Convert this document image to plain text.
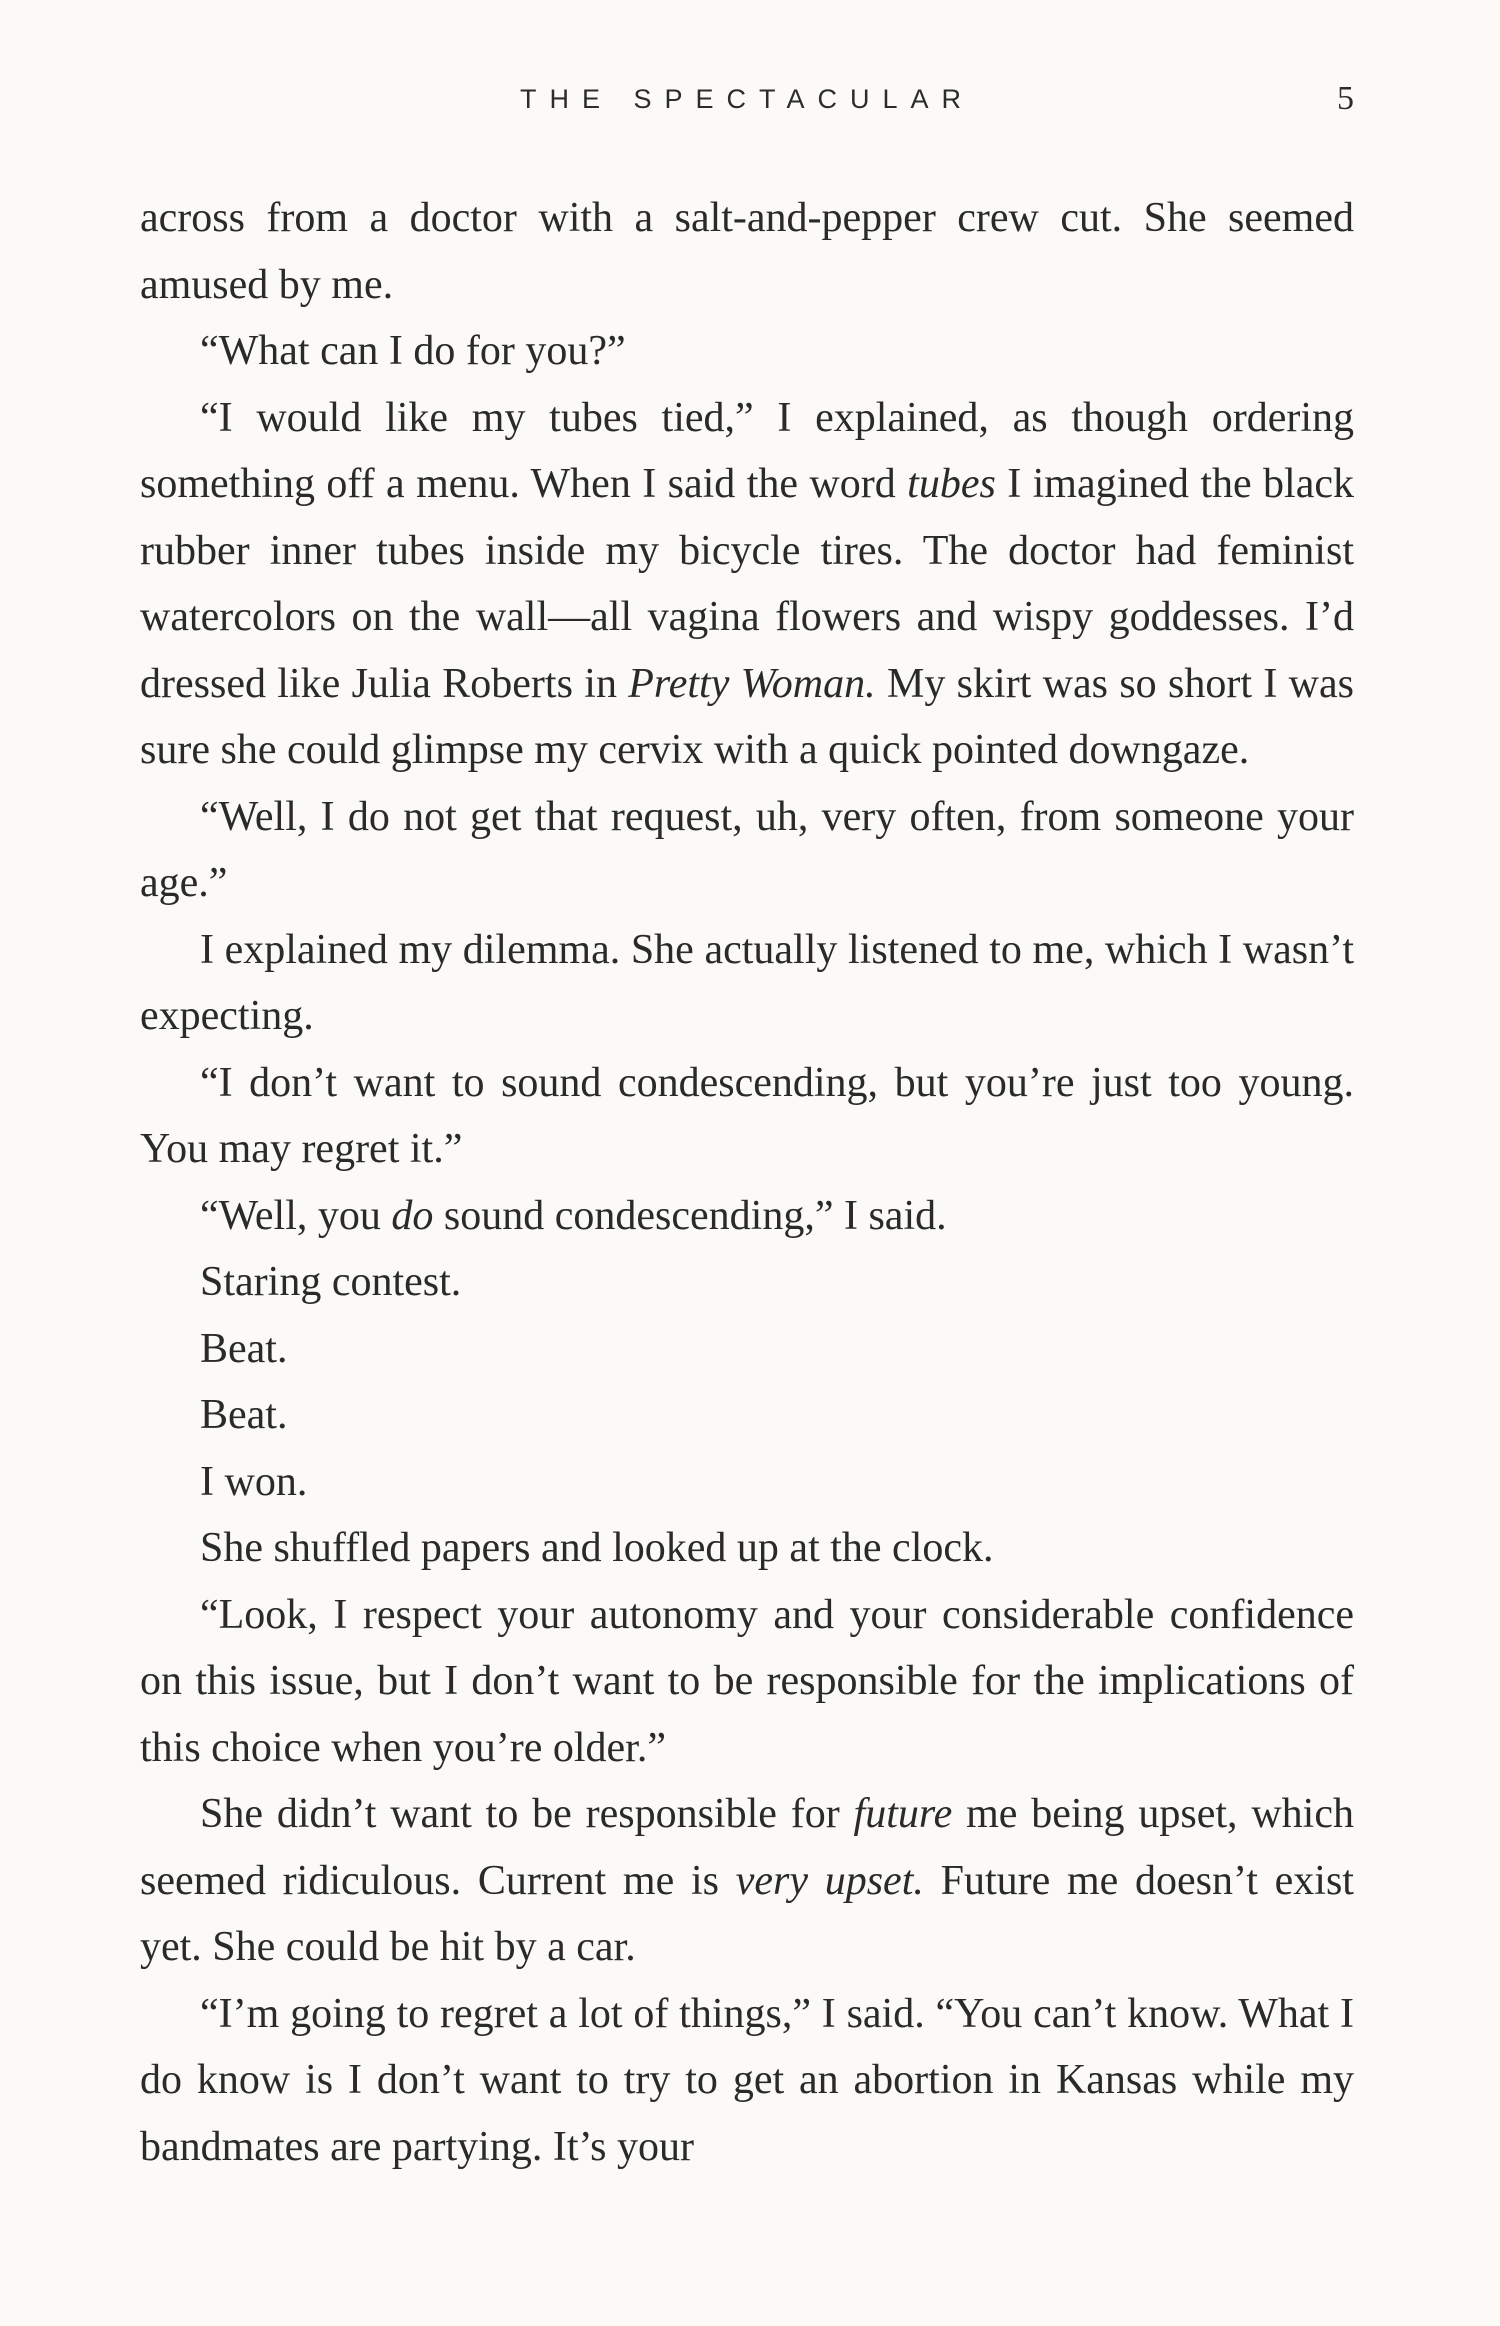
THE SPECTACULAR	5

across from a doctor with a salt-and-pepper crew cut. She seemed amused by me.

“What can I do for you?”

“I would like my tubes tied,” I explained, as though ordering something off a menu. When I said the word tubes I imagined the black rubber inner tubes inside my bicycle tires. The doctor had feminist watercolors on the wall—all vagina flowers and wispy goddesses. I’d dressed like Julia Roberts in Pretty Woman. My skirt was so short I was sure she could glimpse my cervix with a quick pointed downgaze.

“Well, I do not get that request, uh, very often, from someone your age.”

I explained my dilemma. She actually listened to me, which I wasn’t expecting.

“I don’t want to sound condescending, but you’re just too young. You may regret it.”

“Well, you do sound condescending,” I said.

Staring contest.

Beat.

Beat.

I won.

She shuffled papers and looked up at the clock.

“Look, I respect your autonomy and your considerable confidence on this issue, but I don’t want to be responsible for the implications of this choice when you’re older.”

She didn’t want to be responsible for future me being upset, which seemed ridiculous. Current me is very upset. Future me doesn’t exist yet. She could be hit by a car.

“I’m going to regret a lot of things,” I said. “You can’t know. What I do know is I don’t want to try to get an abortion in Kansas while my bandmates are partying. It’s your
